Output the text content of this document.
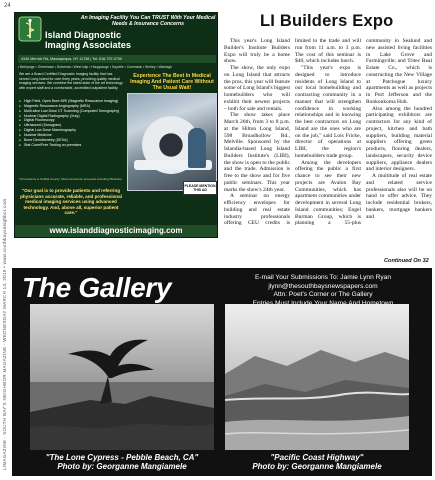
24
LIMAGAZINE - SOUTH BAY'S NEIGHBOR MAGAZINE - WEDNESDAY MARCH 13, 2019 • www.southbaysneighbor.com
An Imaging Facility You Can TRUST With Your Medical Needs & Insurance Concerns
Island Diagnostic
Imaging Associates
4340 Merrick Rd, Massapequa, NY 11758 | Tel: 516-797-0700
• Bethpage • Greenlawn • Bohemia • West Islip • Hauppauge • Sayville • Commack • Shirley • Wantagh
We are a Board Certified Diagnostic Imaging facility that has served Long Island for over thirty years, providing quality medical imaging services. We combine the latest state of the art technology with expert staff and a comfortable, accredited outpatient facility.
■ High Field, Open Bore MRI (Magnetic Resonance Imaging)
■ Magnetic Resonance Angiography (MRA)
■ Multi-slice Low Dose CT Scanning (Computed Tomography)
■ Nuclear Digital Radiography (Xray)
■ Digital Fluoroscopy
■ Ultrasound (Sonogram)
■ Digital Low Dose Mammography
■ Nuclear Medicine
■ Bone Densitometry (DEXA)
■ Stat Cone/Free Testing on premises
*All locations in Suffolk County. Most insurances accepted including Medicare.
"Our goal is to provide patients and referring physicians accurate, reliable, and professional medical imaging services using advanced technology. And, above all, superior patient care."
Experience The Best In Medical Imaging And Patient Care Without The Usual Wait!
PLEASE MENTION THIS AD
www.islanddiagnosticimaging.com
LI Builders Expo

This year's Long Island Builder's Institute Builders Expo will truly be a home show.

The show, the only expo on Long Island that attracts the pros, this year will feature some of Long Island's biggest homebuilders who will exhibit their newest projects – both for sale and rentals.

The show takes place March 26th, from 3 to 8 p.m. at the Hilton Long Island, 598 Broadhollow Rd., Melville. Sponsored by the Islandia-based Long Island Builders Institute's (LIBI), the show is open to the public and the trade. Admission is free to the show and for five public seminars. This year marks the show's 24th year.

A seminar on energy efficiency envelopes for building and real estate industry professionals offering CEU credits is limited to the trade and will run from 11 a.m. to 3 p.m. The cost of this seminar is $40, which includes lunch.

"This year's expo is designed to introduce residents of Long Island to our local homebuilding and contracting community in a manner that will strengthen confidence in working relationships and in knowing the best contractors on Long Island are the ones who are on the job," said Lois Fricke, director of operations at LIBI, the region's homebuilders trade group.

Among the developers offering the public a first chance to see their new projects are Avalon Bay Communities, which has apartment communities under development in several Long Island communities; Engel Burman Group, which is planning a 55-plus community in Sealund and new assisted living facilities in Lake Grove and Farmingville; and Tritec Real Estate Co., which is constructing the New Village at Patchogue luxury apartments as well as projects in Port Jefferson and the Ronkonkoma Hub.

Also among the hundred participating exhibitors are contractors for any kind of project, kitchen and bath suppliers, building material suppliers offering green products, flooring dealers, landscapers, security device suppliers, appliance dealers and interior designers.

A multitude of real estate and related service professionals also will be on hand to offer advice. They include residential brokers, bankers, mortgage bankers and

Continued On 32
The Gallery	E-mail Your Submissions To: Jamie Lynn Ryan
jlynn@thesouthbaysnewspapers.com
Attn: Poet's Corner or The Gallery
"The Lone Cypress - Pebble Beach, CA"
Photo by: Georganne Mangiamele
"Pacific Coast Highway"
Photo by: Georganne Mangiamele
